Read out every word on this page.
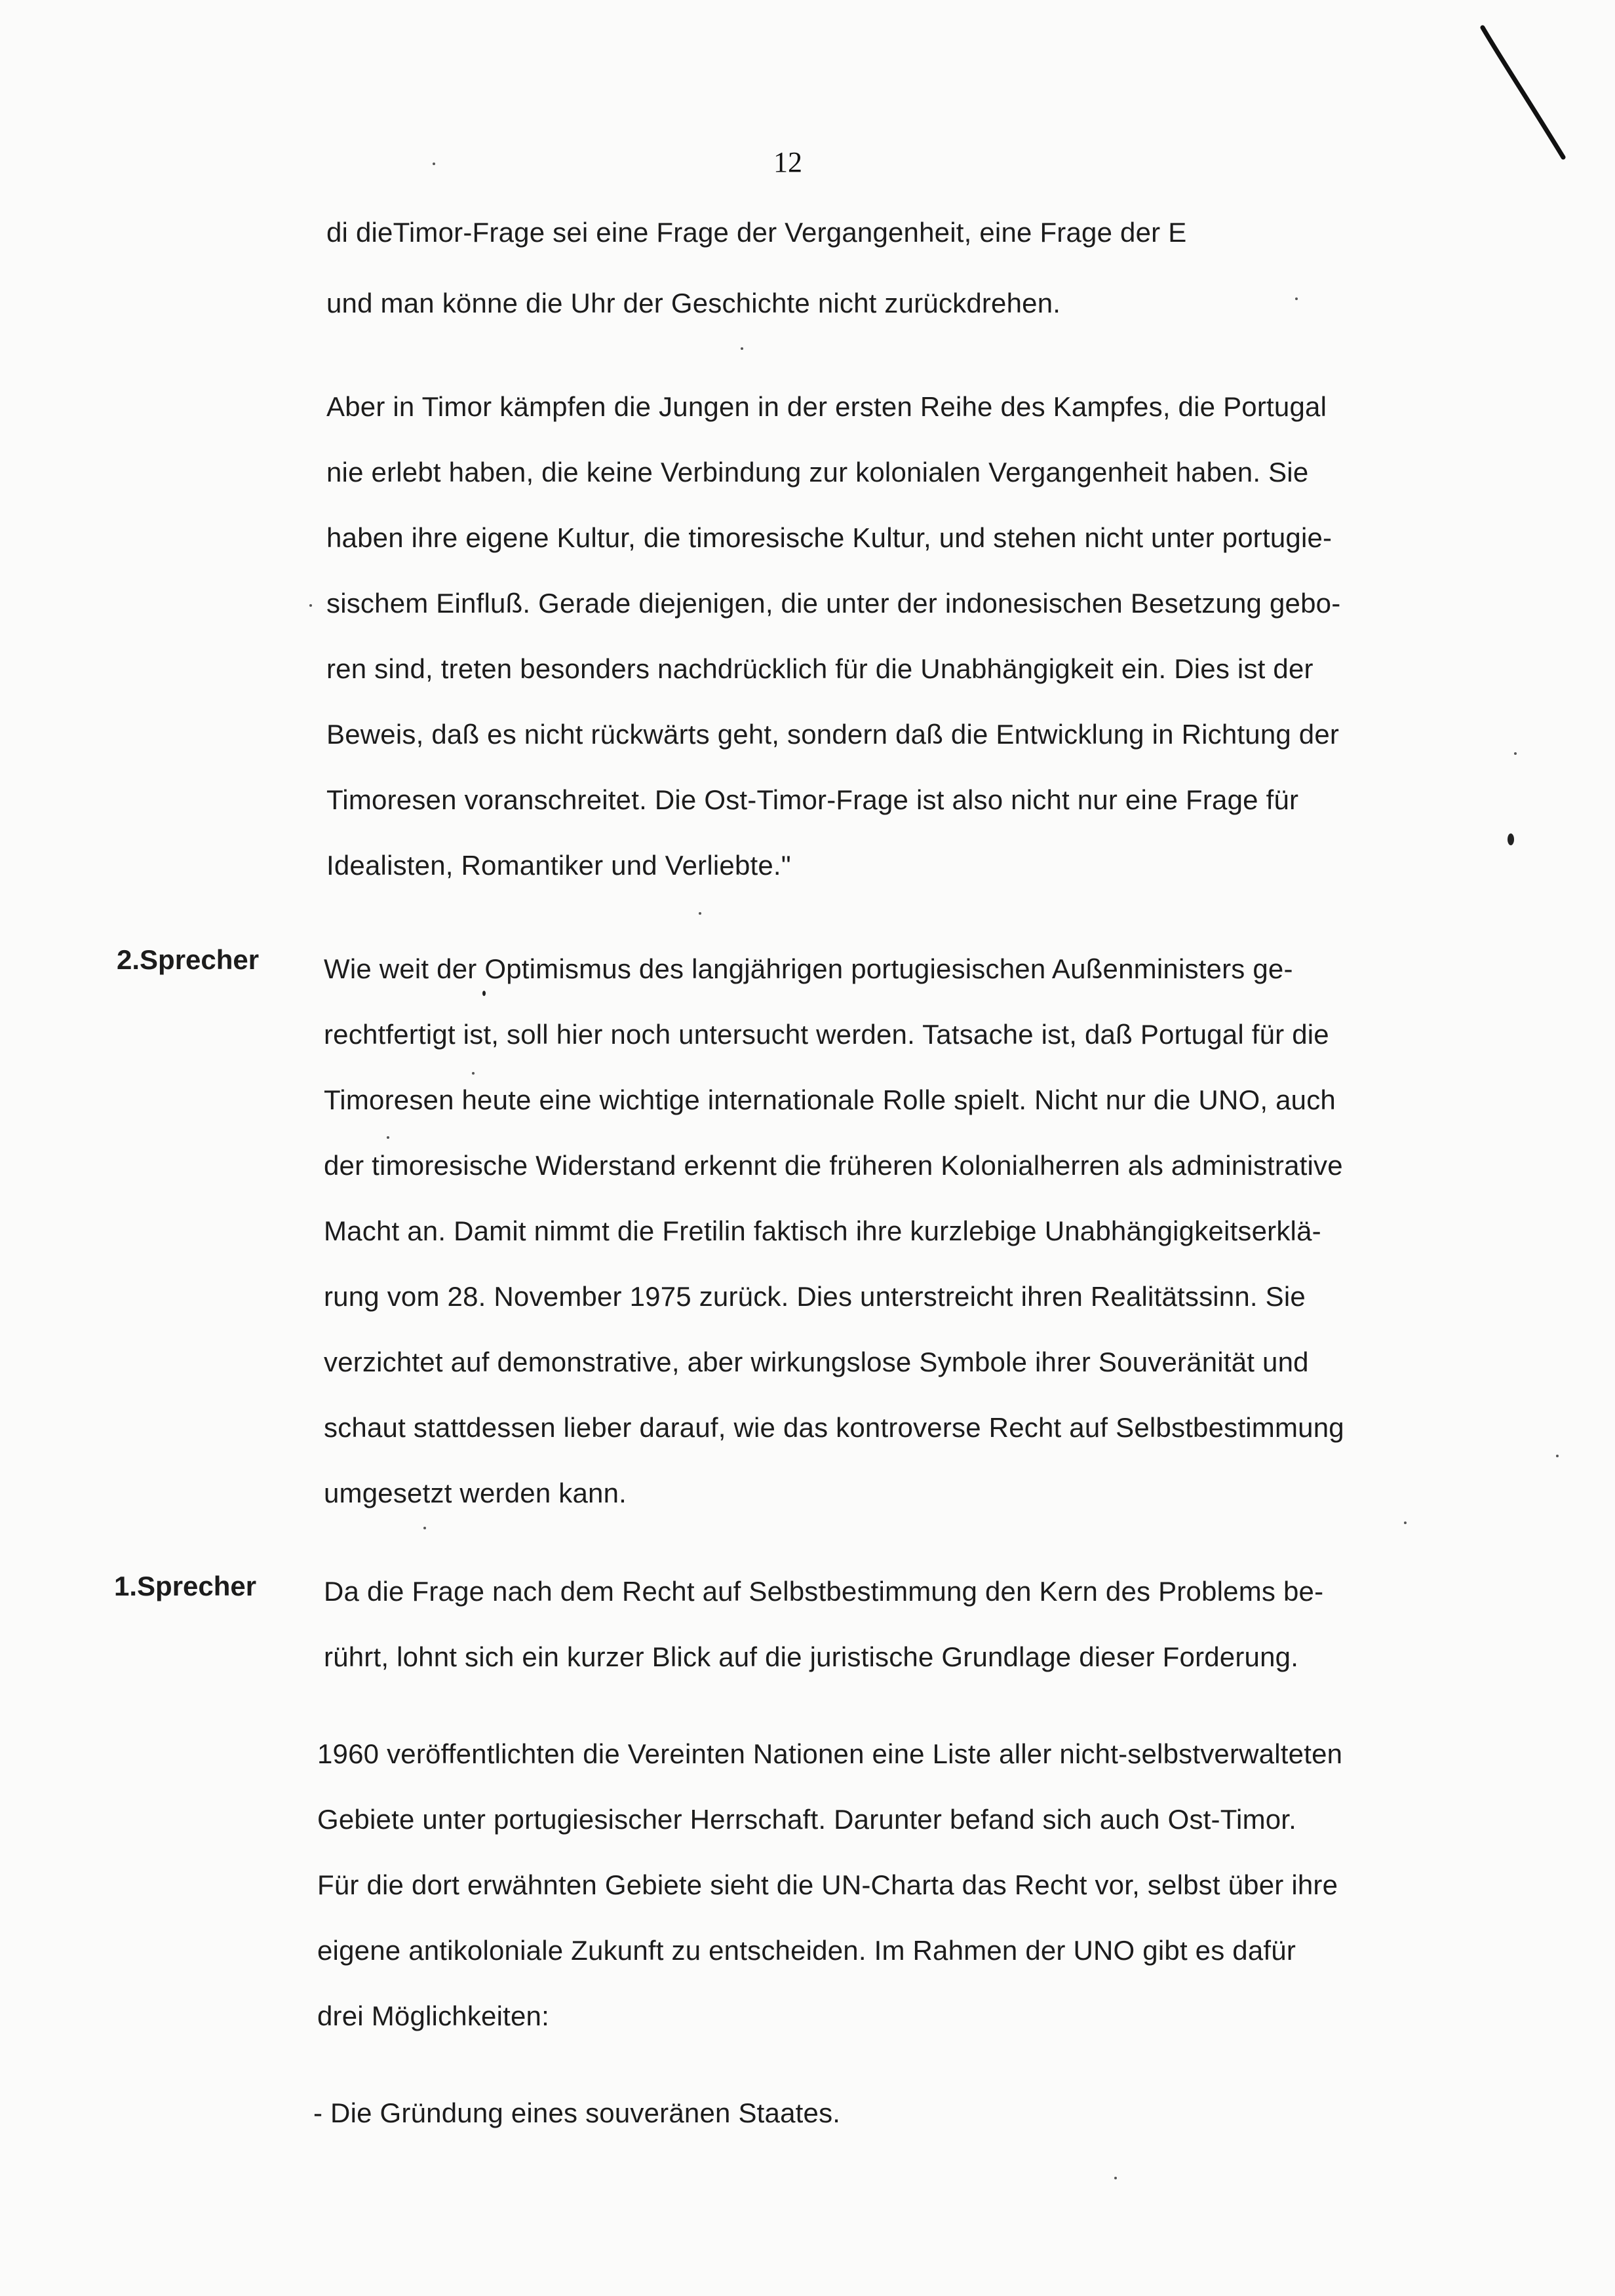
12
di dieTimor-Frage sei eine Frage der Vergangenheit, eine Frage der E
und man könne die Uhr der Geschichte nicht zurückdrehen.
Aber in Timor kämpfen die Jungen in der ersten Reihe des Kampfes, die Portugal
nie erlebt haben, die keine Verbindung zur kolonialen Vergangenheit haben. Sie
haben ihre eigene Kultur, die timoresische Kultur, und stehen nicht unter portugie-
sischem Einfluß. Gerade diejenigen, die unter der indonesischen Besetzung gebo-
ren sind, treten besonders nachdrücklich für die Unabhängigkeit ein. Dies ist der
Beweis, daß es nicht rückwärts geht, sondern daß die Entwicklung in Richtung der
Timoresen voranschreitet. Die Ost-Timor-Frage ist also nicht nur eine Frage für
Idealisten, Romantiker und Verliebte."
2.Sprecher Wie weit der Optimismus des langjährigen portugiesischen Außenministers ge-
rechtfertigt ist, soll hier noch untersucht werden. Tatsache ist, daß Portugal für die
Timoresen heute eine wichtige internationale Rolle spielt. Nicht nur die UNO, auch
der timoresische Widerstand erkennt die früheren Kolonialherren als administrative
Macht an. Damit nimmt die Fretilin faktisch ihre kurzlebige Unabhängigkeitserklä-
rung vom 28. November 1975 zurück. Dies unterstreicht ihren Realitätssinn. Sie
verzichtet auf demonstrative, aber wirkungslose Symbole ihrer Souveränität und
schaut stattdessen lieber darauf, wie das kontroverse Recht auf Selbstbestimmung
umgesetzt werden kann.
1.Sprecher Da die Frage nach dem Recht auf Selbstbestimmung den Kern des Problems be-
rührt, lohnt sich ein kurzer Blick auf die juristische Grundlage dieser Forderung.
1960 veröffentlichten die Vereinten Nationen eine Liste aller nicht-selbstverwalteten
Gebiete unter portugiesischer Herrschaft. Darunter befand sich auch Ost-Timor.
Für die dort erwähnten Gebiete sieht die UN-Charta das Recht vor, selbst über ihre
eigene antikoloniale Zukunft zu entscheiden. Im Rahmen der UNO gibt es dafür
drei Möglichkeiten:
- Die Gründung eines souveränen Staates.
